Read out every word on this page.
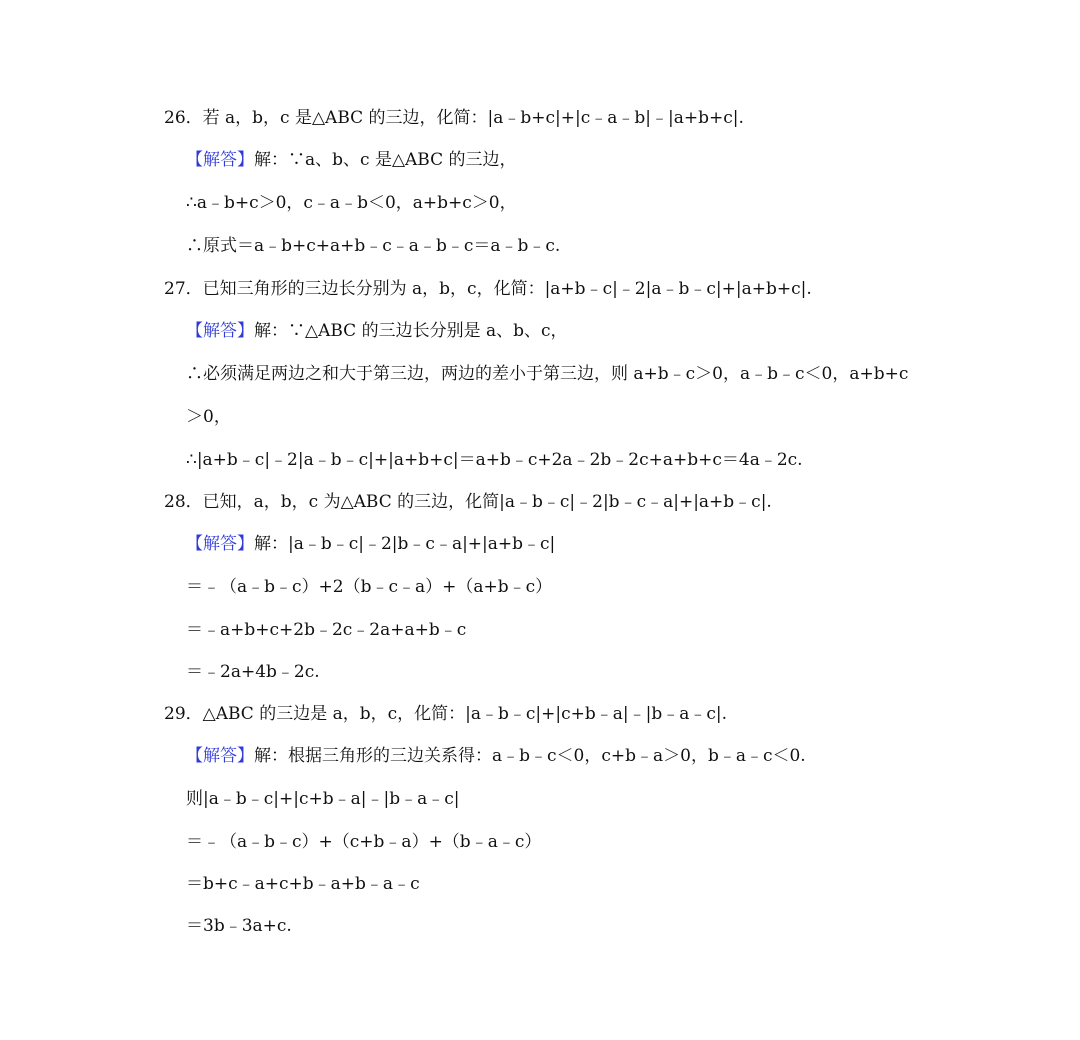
26．若 a，b，c 是△ABC 的三边，化简：|a﹣b+c|+|c﹣a﹣b|﹣|a+b+c|.
【解答】解：∵a、b、c 是△ABC 的三边，
∴a﹣b+c＞0，c﹣a﹣b＜0，a+b+c＞0，
∴原式＝a﹣b+c+a+b﹣c﹣a﹣b﹣c＝a﹣b﹣c.
27．已知三角形的三边长分别为 a，b，c，化简：|a+b﹣c|﹣2|a﹣b﹣c|+|a+b+c|.
【解答】解：∵△ABC 的三边长分别是 a、b、c，
∴必须满足两边之和大于第三边，两边的差小于第三边，则 a+b﹣c＞0，a﹣b﹣c＜0，a+b+c
＞0，
∴|a+b﹣c|﹣2|a﹣b﹣c|+|a+b+c|＝a+b﹣c+2a﹣2b﹣2c+a+b+c＝4a﹣2c.
28．已知，a，b，c 为△ABC 的三边，化简|a﹣b﹣c|﹣2|b﹣c﹣a|+|a+b﹣c|.
【解答】解：|a﹣b﹣c|﹣2|b﹣c﹣a|+|a+b﹣c|
＝﹣（a﹣b﹣c）+2（b﹣c﹣a）+（a+b﹣c）
＝﹣a+b+c+2b﹣2c﹣2a+a+b﹣c
＝﹣2a+4b﹣2c.
29．△ABC 的三边是 a，b，c，化简：|a﹣b﹣c|+|c+b﹣a|﹣|b﹣a﹣c|.
【解答】解：根据三角形的三边关系得：a﹣b﹣c＜0，c+b﹣a＞0，b﹣a﹣c＜0.
则|a﹣b﹣c|+|c+b﹣a|﹣|b﹣a﹣c|
＝﹣（a﹣b﹣c）+（c+b﹣a）+（b﹣a﹣c）
＝b+c﹣a+c+b﹣a+b﹣a﹣c
＝3b﹣3a+c.
